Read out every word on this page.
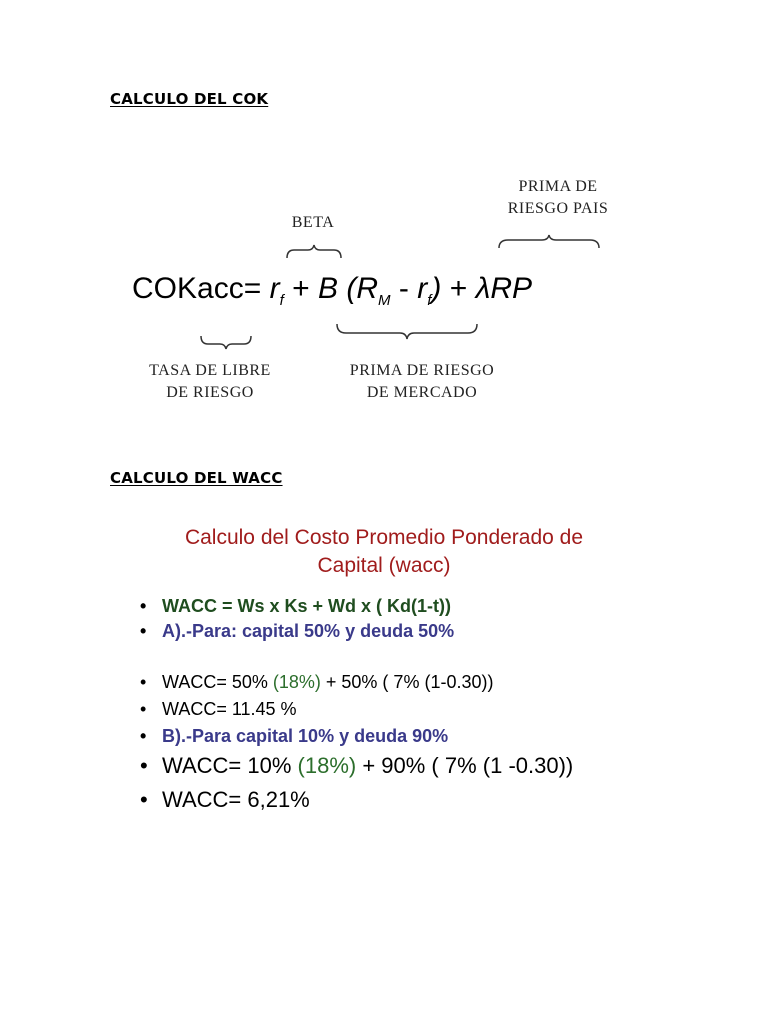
CALCULO DEL COK
PRIMA DE
RIESGO PAIS
BETA
COKacc= $r_f + B$ $(R_M - r_f) + \lambda RP$
TASA DE LIBRE
DE RIESGO
PRIMA DE RIESGO
DE MERCADO
CALCULO DEL WACC
Calculo del Costo Promedio Ponderado de
Capital (wacc)
• WACC = Ws x Ks + Wd x ( Kd(1-t))
• A).-Para: capital 50% y deuda 50%
• WACC= 50% (18%) + 50% ( 7% (1-0.30))
• WACC= 11.45 %
• B).-Para capital 10% y deuda 90%
• WACC= 10% (18%) + 90% ( 7% (1 -0.30))
• WACC= 6,21%
